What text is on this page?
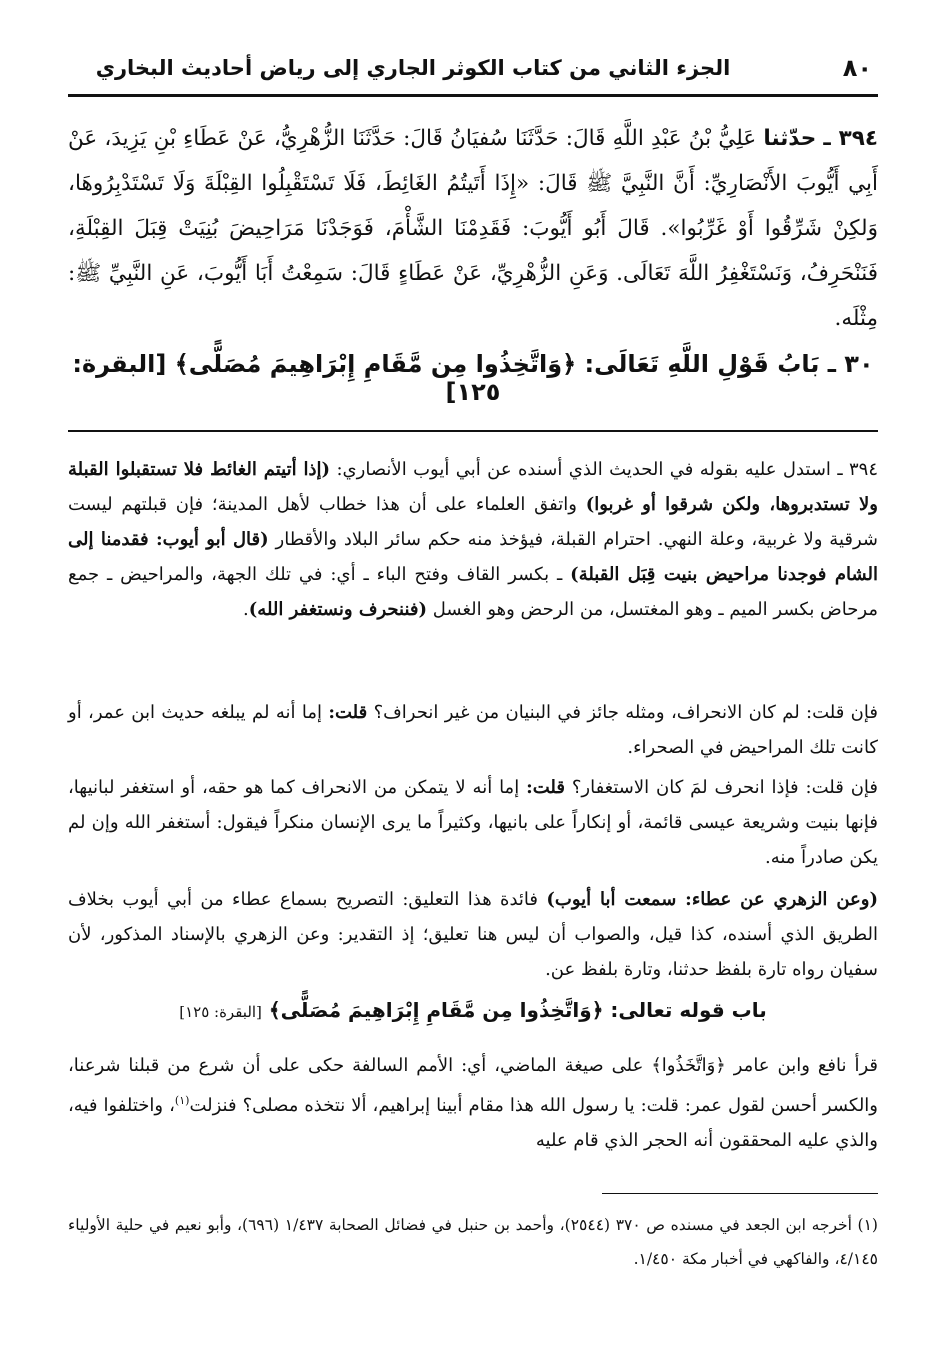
٨٠
الجزء الثاني من كتاب الكوثر الجاري إلى رياض أحاديث البخاري
٣٩٤ ـ حدّثنا عَلِيُّ بْنُ عَبْدِ اللَّهِ قَالَ: حَدَّثَنَا سُفيَانُ قَالَ: حَدَّثَنَا الزُّهْرِيُّ، عَنْ عَطَاءِ بْنِ يَزِيدَ، عَنْ أَبِي أَيُّوبَ الأَنْصَارِيِّ: أَنَّ النَّبِيَّ ﷺ قَالَ: «إِذَا أَتَيتُمُ الغَائِطَ، فَلَا تَسْتَقْبِلُوا القِبْلَةَ وَلَا تَسْتَدْبِرُوهَا، وَلكِنْ شَرِّقُوا أَوْ غَرِّبُوا». قَالَ أَبُو أَيُّوبَ: فَقَدِمْنَا الشَّأْمَ، فَوَجَدْنَا مَرَاحِيضَ بُنِيَتْ قِبَلَ القِبْلَةِ، فَنَنْحَرِفُ، وَنَسْتَغْفِرُ اللَّهَ تَعَالَى. وَعَنِ الزُّهْرِيِّ، عَنْ عَطَاءٍ قَالَ: سَمِعْتُ أَبَا أَيُّوبَ، عَنِ النَّبِيِّ ﷺ: مِثْلَه.
٣٠ ـ بَابُ قَوْلِ اللَّهِ تَعَالَى: ﴿وَاتَّخِذُوا مِن مَّقَامِ إِبْرَاهِيمَ مُصَلًّى﴾ [البقرة: ١٢٥]

٣٩٤ ـ استدل عليه بقوله في الحديث الذي أسنده عن أبي أيوب الأنصاري: (إذا أتيتم الغائط فلا تستقبلوا القبلة ولا تستدبروها، ولكن شرقوا أو غربوا) واتفق العلماء على أن هذا خطاب لأهل المدينة؛ فإن قبلتهم ليست شرقية ولا غربية، وعلة النهي. احترام القبلة، فيؤخذ منه حكم سائر البلاد والأقطار (قال أبو أيوب: فقدمنا إلى الشام فوجدنا مراحيض بنيت قِبَل القبلة) ـ بكسر القاف وفتح الباء ـ أي: في تلك الجهة، والمراحيض ـ جمع مرحاض بكسر الميم ـ وهو المغتسل، من الرحض وهو الغسل (فننحرف ونستغفر الله).

فإن قلت: لم كان الانحراف، ومثله جائز في البنيان من غير انحراف؟ قلت: إما أنه لم يبلغه حديث ابن عمر، أو كانت تلك المراحيض في الصحراء.

فإن قلت: فإذا انحرف لمَ كان الاستغفار؟ قلت: إما أنه لا يتمكن من الانحراف كما هو حقه، أو استغفر لبانيها، فإنها بنيت وشريعة عيسى قائمة، أو إنكاراً على بانيها، وكثيراً ما يرى الإنسان منكراً فيقول: أستغفر الله وإن لم يكن صادراً منه.

(وعن الزهري عن عطاء: سمعت أبا أيوب) فائدة هذا التعليق: التصريح بسماع عطاء من أبي أيوب بخلاف الطريق الذي أسنده، كذا قيل، والصواب أن ليس هنا تعليق؛ إذ التقدير: وعن الزهري بالإسناد المذكور، لأن سفيان رواه تارة بلفظ حدثنا، وتارة بلفظ عن.

باب قوله تعالى: ﴿وَاتَّخِذُوا مِن مَّقَامِ إِبْرَاهِيمَ مُصَلًّى﴾ [البقرة: ١٢٥]

قرأ نافع وابن عامر ﴿وَاتَّخَذُوا﴾ على صيغة الماضي، أي: الأمم السالفة حكى على أن شرع من قبلنا شرعنا، والكسر أحسن لقول عمر: قلت: يا رسول الله هذا مقام أبينا إبراهيم، ألا نتخذه مصلى؟ فنزلت$^{(١)}$، واختلفوا فيه، والذي عليه المحققون أنه الحجر الذي قام عليه

(١) أخرجه ابن الجعد في مسنده ص ٣٧٠ (٢٥٤٤)، وأحمد بن حنبل في فضائل الصحابة ١/٤٣٧ (٦٩٦)، وأبو نعيم في حلية الأولياء ٤/١٤٥، والفاكهي في أخبار مكة ١/٤٥٠.
